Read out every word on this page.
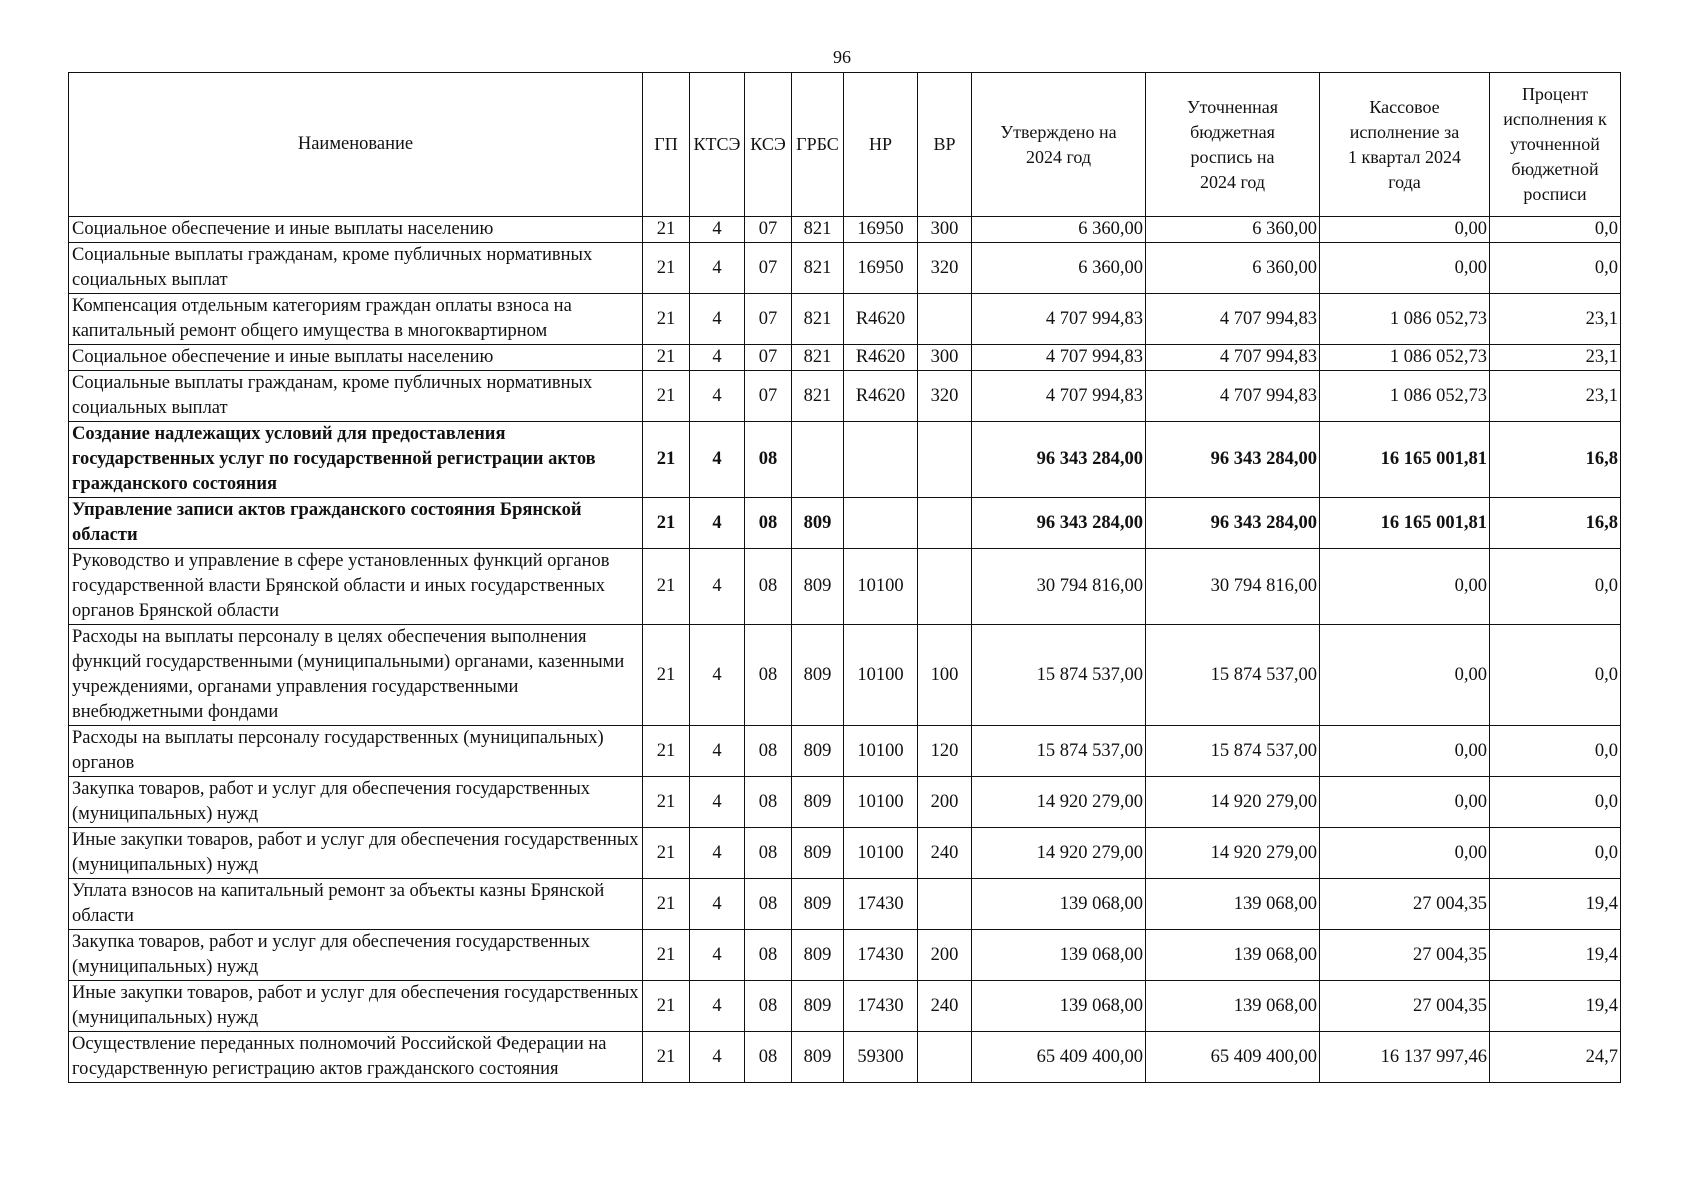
96
Наименование	ГП	КТСЭ	КСЭ	ГРБС	НР	ВР	Утверждено на 2024 год	Уточненная бюджетная роспись на 2024 год	Кассовое исполнение за 1 квартал 2024 года	Процент исполнения к уточненной бюджетной росписи
Социальное обеспечение и иные выплаты населению	21	4	07	821	16950	300	6 360,00	6 360,00	0,00	0,0
Социальные выплаты гражданам, кроме публичных нормативных социальных выплат	21	4	07	821	16950	320	6 360,00	6 360,00	0,00	0,0
Компенсация отдельным категориям граждан оплаты взноса на капитальный ремонт общего имущества в многоквартирном	21	4	07	821	R4620		4 707 994,83	4 707 994,83	1 086 052,73	23,1
Социальное обеспечение и иные выплаты населению	21	4	07	821	R4620	300	4 707 994,83	4 707 994,83	1 086 052,73	23,1
Социальные выплаты гражданам, кроме публичных нормативных социальных выплат	21	4	07	821	R4620	320	4 707 994,83	4 707 994,83	1 086 052,73	23,1
Создание надлежащих условий для предоставления государственных услуг по государственной регистрации актов гражданского состояния	21	4	08				96 343 284,00	96 343 284,00	16 165 001,81	16,8
Управление записи актов гражданского состояния Брянской области	21	4	08	809			96 343 284,00	96 343 284,00	16 165 001,81	16,8
Руководство и управление в сфере установленных функций органов государственной власти Брянской области и иных государственных органов Брянской области	21	4	08	809	10100		30 794 816,00	30 794 816,00	0,00	0,0
Расходы на выплаты персоналу в целях обеспечения выполнения функций государственными (муниципальными) органами, казенными учреждениями, органами управления государственными внебюджетными фондами	21	4	08	809	10100	100	15 874 537,00	15 874 537,00	0,00	0,0
Расходы на выплаты персоналу государственных (муниципальных) органов	21	4	08	809	10100	120	15 874 537,00	15 874 537,00	0,00	0,0
Закупка товаров, работ и услуг для обеспечения государственных (муниципальных) нужд	21	4	08	809	10100	200	14 920 279,00	14 920 279,00	0,00	0,0
Иные закупки товаров, работ и услуг для обеспечения государственных (муниципальных) нужд	21	4	08	809	10100	240	14 920 279,00	14 920 279,00	0,00	0,0
Уплата взносов на капитальный ремонт за объекты казны Брянской области	21	4	08	809	17430		139 068,00	139 068,00	27 004,35	19,4
Закупка товаров, работ и услуг для обеспечения государственных (муниципальных) нужд	21	4	08	809	17430	200	139 068,00	139 068,00	27 004,35	19,4
Иные закупки товаров, работ и услуг для обеспечения государственных (муниципальных) нужд	21	4	08	809	17430	240	139 068,00	139 068,00	27 004,35	19,4
Осуществление переданных полномочий Российской Федерации на государственную регистрацию актов гражданского состояния	21	4	08	809	59300		65 409 400,00	65 409 400,00	16 137 997,46	24,7
